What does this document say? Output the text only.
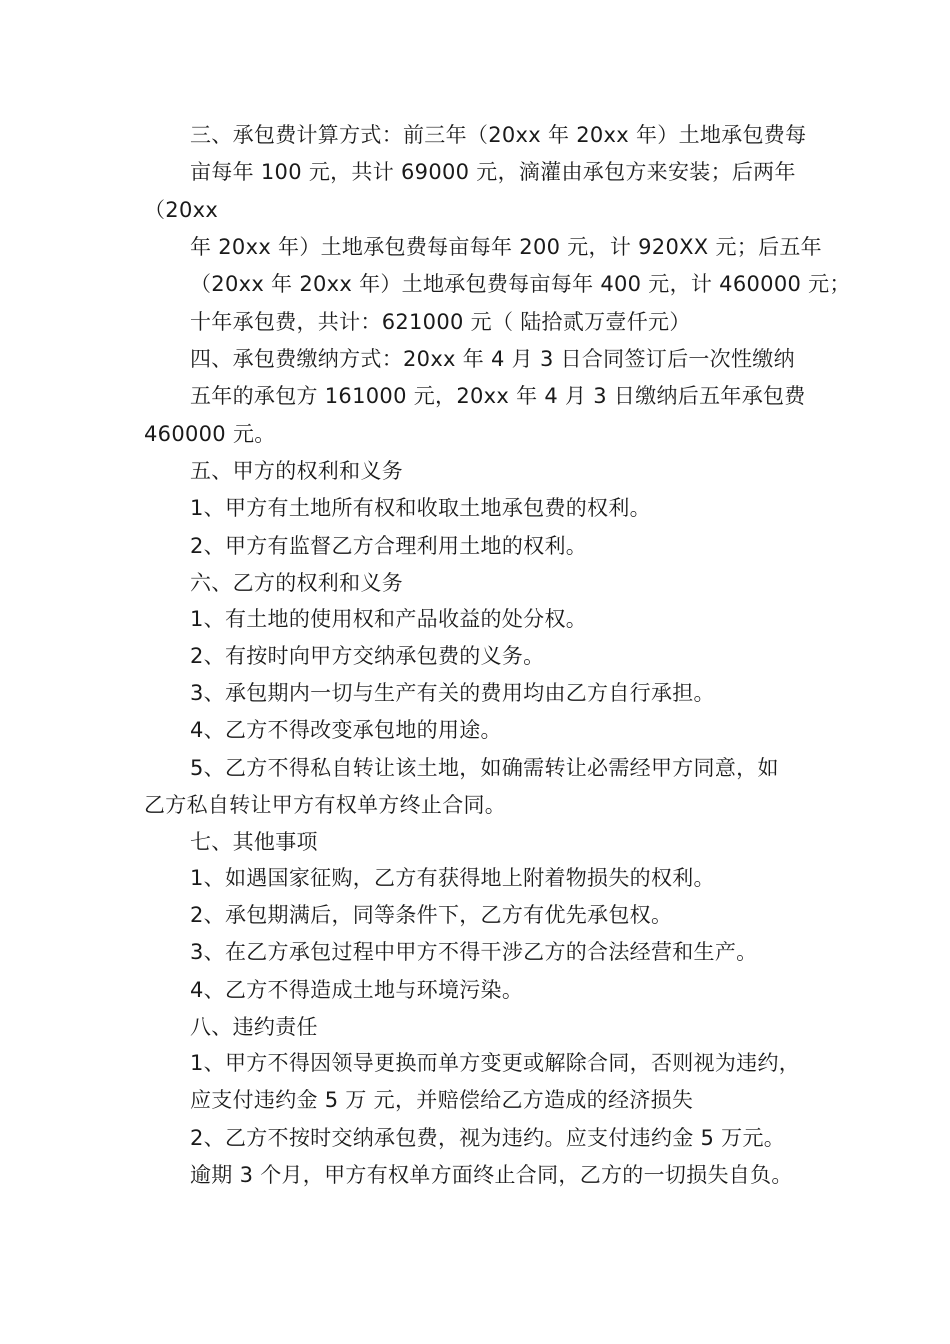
三、承包费计算方式：前三年（20xx 年 20xx 年）土地承包费每
亩每年 100 元，共计 69000 元，滴灌由承包方来安装；后两年
（20xx
年 20xx 年）土地承包费每亩每年 200 元，计 920XX 元；后五年
（20xx 年 20xx 年）土地承包费每亩每年 400 元，计 460000 元；
十年承包费，共计：621000 元（ 陆拾贰万壹仟元）
四、承包费缴纳方式：20xx 年 4 月 3 日合同签订后一次性缴纳
五年的承包方 161000 元，20xx 年 4 月 3 日缴纳后五年承包费
460000 元。
五、甲方的权利和义务
1、甲方有土地所有权和收取土地承包费的权利。
2、甲方有监督乙方合理利用土地的权利。
六、乙方的权利和义务
1、有土地的使用权和产品收益的处分权。
2、有按时向甲方交纳承包费的义务。
3、承包期内一切与生产有关的费用均由乙方自行承担。
4、乙方不得改变承包地的用途。
5、乙方不得私自转让该土地，如确需转让必需经甲方同意，如
乙方私自转让甲方有权单方终止合同。
七、其他事项
1、如遇国家征购，乙方有获得地上附着物损失的权利。
2、承包期满后，同等条件下，乙方有优先承包权。
3、在乙方承包过程中甲方不得干涉乙方的合法经营和生产。
4、乙方不得造成土地与环境污染。
八、违约责任
1、甲方不得因领导更换而单方变更或解除合同，否则视为违约，
应支付违约金 5 万 元，并赔偿给乙方造成的经济损失
2、乙方不按时交纳承包费，视为违约。应支付违约金 5 万元。
逾期 3 个月，甲方有权单方面终止合同，乙方的一切损失自负。
